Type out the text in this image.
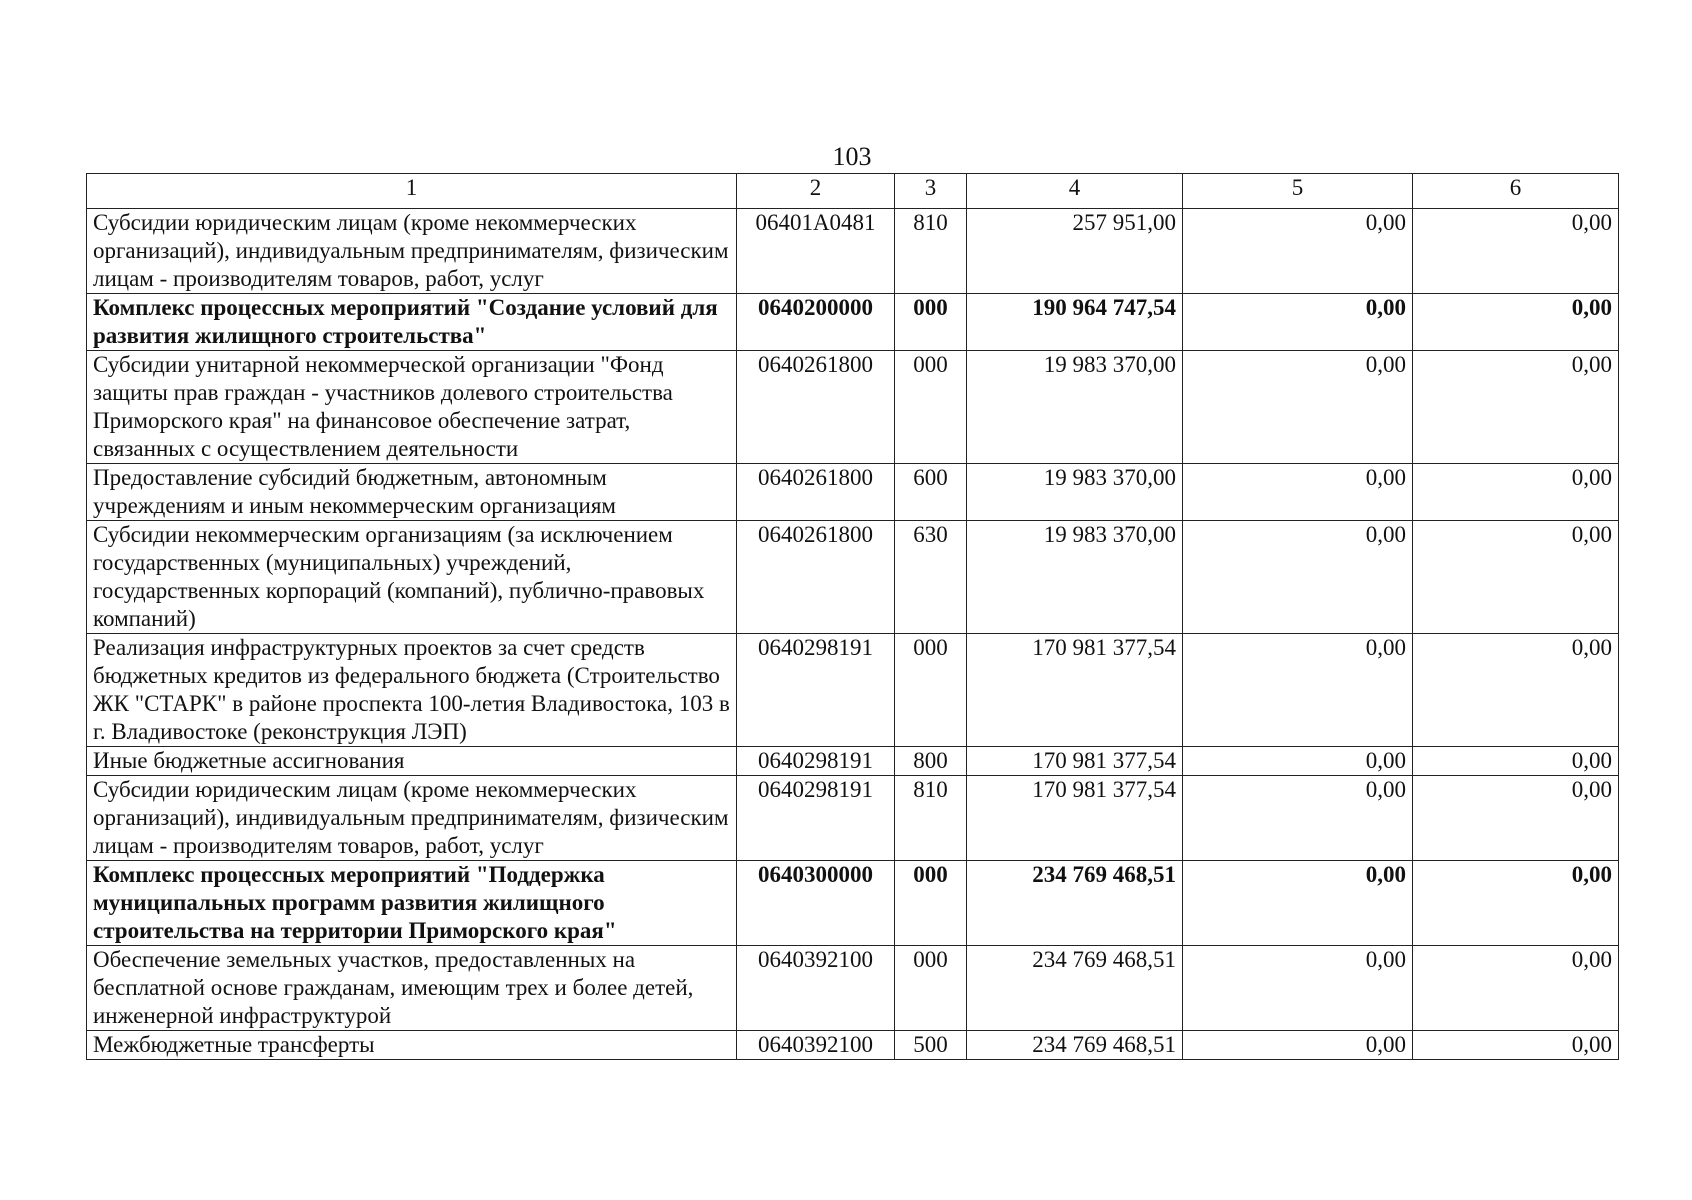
103
1	2	3	4	5	6
Субсидии юридическим лицам (кроме некоммерческих организаций), индивидуальным предпринимателям, физическим лицам - производителям товаров, работ, услуг	06401А0481	810	257 951,00	0,00	0,00
Комплекс процессных мероприятий "Создание условий для развития жилищного строительства"	0640200000	000	190 964 747,54	0,00	0,00
Субсидии унитарной некоммерческой организации "Фонд защиты прав граждан - участников долевого строительства Приморского края" на финансовое обеспечение затрат, связанных с осуществлением деятельности	0640261800	000	19 983 370,00	0,00	0,00
Предоставление субсидий бюджетным, автономным учреждениям и иным некоммерческим организациям	0640261800	600	19 983 370,00	0,00	0,00
Субсидии некоммерческим организациям (за исключением государственных (муниципальных) учреждений, государственных корпораций (компаний), публично-правовых компаний)	0640261800	630	19 983 370,00	0,00	0,00
Реализация инфраструктурных проектов за счет средств бюджетных кредитов из федерального бюджета (Строительство ЖК "СТАРК" в районе проспекта 100-летия Владивостока, 103 в г. Владивостоке (реконструкция ЛЭП)	0640298191	000	170 981 377,54	0,00	0,00
Иные бюджетные ассигнования	0640298191	800	170 981 377,54	0,00	0,00
Субсидии юридическим лицам (кроме некоммерческих организаций), индивидуальным предпринимателям, физическим лицам - производителям товаров, работ, услуг	0640298191	810	170 981 377,54	0,00	0,00
Комплекс процессных мероприятий "Поддержка муниципальных программ развития жилищного строительства на территории Приморского края"	0640300000	000	234 769 468,51	0,00	0,00
Обеспечение земельных участков, предоставленных на бесплатной основе гражданам, имеющим трех и более детей, инженерной инфраструктурой	0640392100	000	234 769 468,51	0,00	0,00
Межбюджетные трансферты	0640392100	500	234 769 468,51	0,00	0,00
